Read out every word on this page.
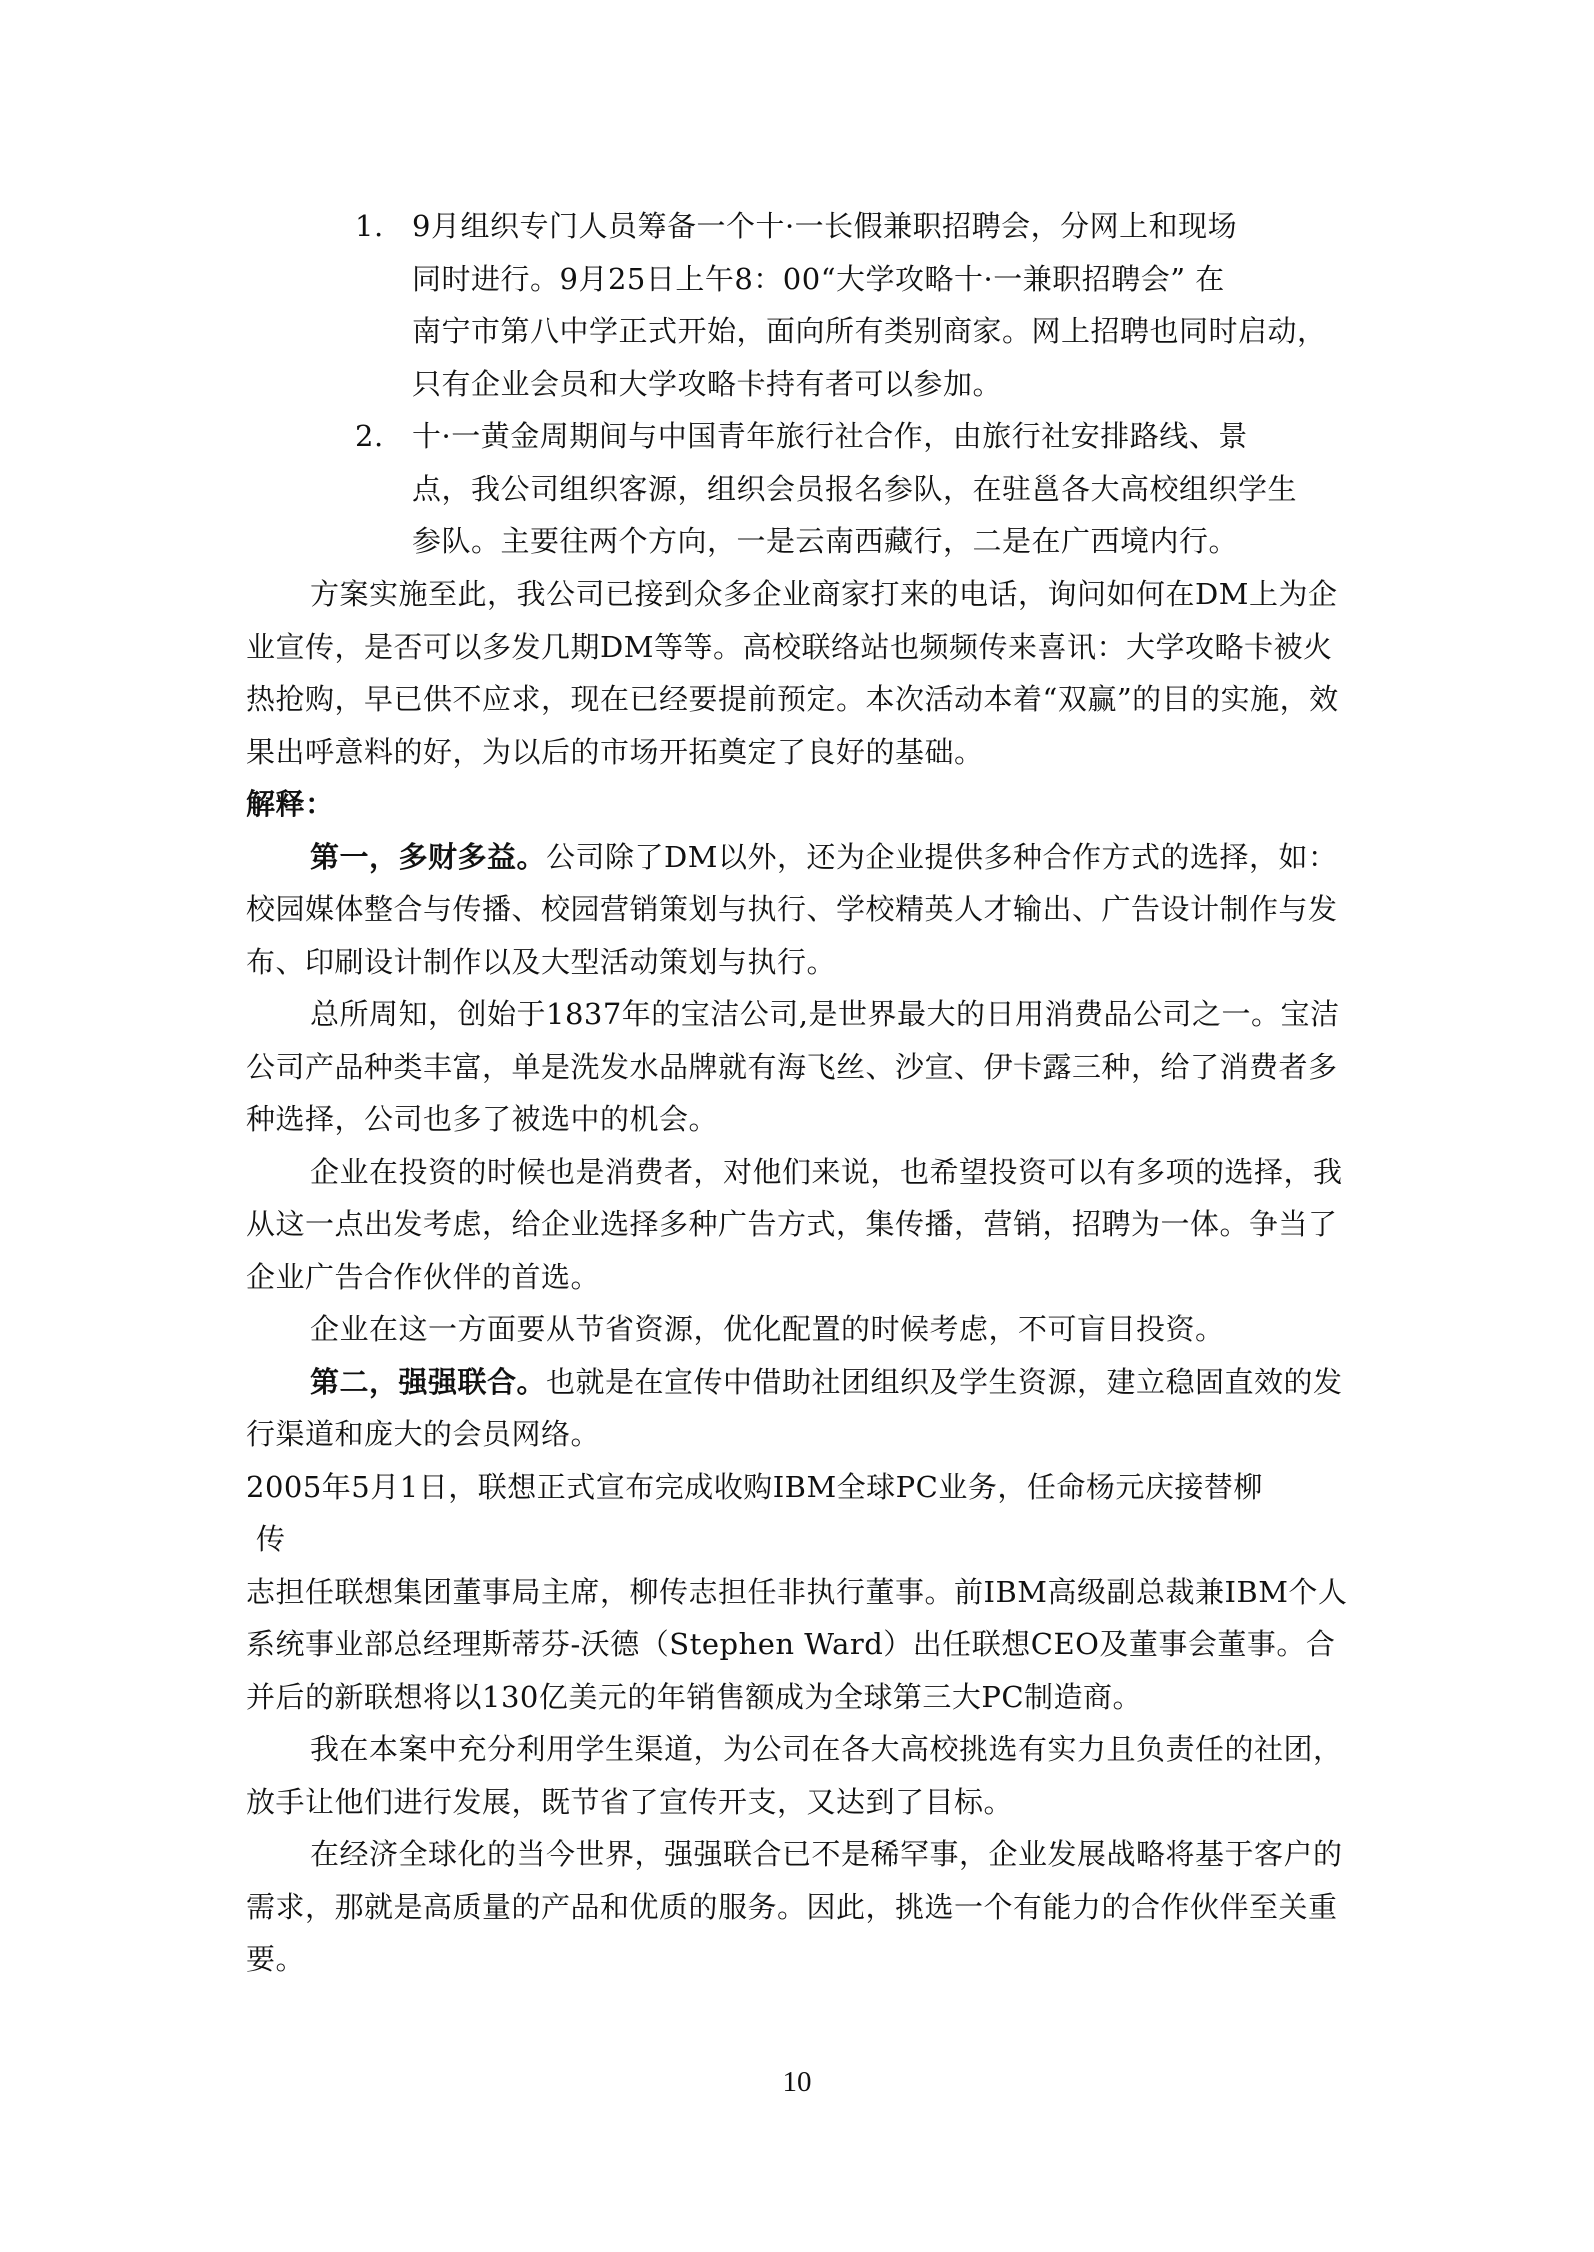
1. 9月组织专门人员筹备一个十·一长假兼职招聘会，分网上和现场
同时进行。9月25日上午8：00“大学攻略十·一兼职招聘会” 在
南宁市第八中学正式开始，面向所有类别商家。网上招聘也同时启动，
只有企业会员和大学攻略卡持有者可以参加。
2. 十·一黄金周期间与中国青年旅行社合作，由旅行社安排路线、景
点，我公司组织客源，组织会员报名参队，在驻邕各大高校组织学生
参队。主要往两个方向，一是云南西藏行，二是在广西境内行。

方案实施至此，我公司已接到众多企业商家打来的电话，询问如何在DM上为企业宣传，是否可以多发几期DM等等。高校联络站也频频传来喜讯：大学攻略卡被火热抢购，早已供不应求，现在已经要提前预定。本次活动本着“双赢”的目的实施，效果出呼意料的好，为以后的市场开拓奠定了良好的基础。

解释：

第一，多财多益。公司除了DM以外，还为企业提供多种合作方式的选择，如：校园媒体整合与传播、校园营销策划与执行、学校精英人才输出、广告设计制作与发布、印刷设计制作以及大型活动策划与执行。

总所周知，创始于1837年的宝洁公司,是世界最大的日用消费品公司之一。宝洁公司产品种类丰富，单是洗发水品牌就有海飞丝、沙宣、伊卡露三种，给了消费者多种选择，公司也多了被选中的机会。

企业在投资的时候也是消费者，对他们来说，也希望投资可以有多项的选择，我从这一点出发考虑，给企业选择多种广告方式，集传播，营销，招聘为一体。争当了企业广告合作伙伴的首选。

企业在这一方面要从节省资源，优化配置的时候考虑，不可盲目投资。

第二，强强联合。也就是在宣传中借助社团组织及学生资源，建立稳固直效的发行渠道和庞大的会员网络。

2005年5月1日，联想正式宣布完成收购IBM全球PC业务，任命杨元庆接替柳

传

志担任联想集团董事局主席，柳传志担任非执行董事。前IBM高级副总裁兼IBM个人系统事业部总经理斯蒂芬-沃德（Stephen Ward）出任联想CEO及董事会董事。合并后的新联想将以130亿美元的年销售额成为全球第三大PC制造商。

我在本案中充分利用学生渠道，为公司在各大高校挑选有实力且负责任的社团，放手让他们进行发展，既节省了宣传开支，又达到了目标。

在经济全球化的当今世界，强强联合已不是稀罕事，企业发展战略将基于客户的需求，那就是高质量的产品和优质的服务。因此，挑选一个有能力的合作伙伴至关重要。

10
